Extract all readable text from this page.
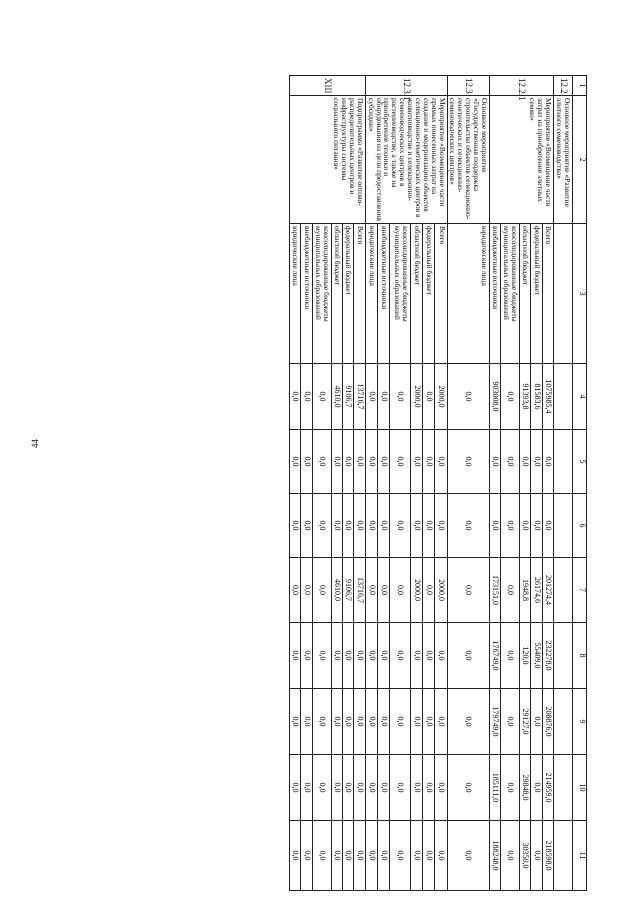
44
1	2	3	4	5	6	7	8	9	10	11
12.2	Основное мероприятие «Развитие элитного семеноводства»									
12.2.1	Мероприятие «Возмещение части затрат на приобретение элитных семян»	Всего	1075985,4	0,0	0,0	201274,4	232278,0	208876,0	214959,0	218598,0
		федеральный бюджет	81583,6	0,0	0,0	26174,6	55409,0	0,0	0,0	0,0
		областной бюджет	91393,8	0,0	0,0	1948,8	120,0	29127,0	29848,0	30350,0
		консолидированные бюджеты муниципальных образований	0,0	0,0	0,0	0,0	0,0	0,0	0,0	0,0
		внебюджетные источники	903008,0	0,0	0,0	173151,0	176749,0	179749,0	185111,0	188248,0
12.3	Основное мероприятие «Государственная поддержка строительства объектов селекционно-генетических и селекционно-семеноводческих центров»	юридические лица	0,0	0,0	0,0	0,0	0,0	0,0	0,0	0,0
12.3.1	Мероприятие «Возмещение части прямых понесенных затрат на создание и модернизацию объектов селекционно-генетических центров в животноводстве и селекционно-семеноводческих центров в растениеводстве, а также на приобретение техники и оборудования на цели предоставления субсидии»	Всего	2000,0	0,0	0,0	2000,0	0,0	0,0	0,0	0,0
		федеральный бюджет	0,0	0,0	0,0	0,0	0,0	0,0	0,0	0,0
		областной бюджет	2000,0	0,0	0,0	2000,0	0,0	0,0	0,0	0,0
		консолидированные бюджеты муниципальных образований	0,0	0,0	0,0	0,0	0,0	0,0	0,0	0,0
		внебюджетные источники	0,0	0,0	0,0	0,0	0,0	0,0	0,0	0,0
		юридические лица	0,0	0,0	0,0	0,0	0,0	0,0	0,0	0,0
XIII	Подпрограмма «Развитие оптово-распределительных центров и инфраструктуры системы социального питания»	Всего	13716,7	0,0	0,0	13716,7	0,0	0,0	0,0	0,0
		федеральный бюджет	9106,7	0,0	0,0	9106,7	0,0	0,0	0,0	0,0
		областной бюджет	4610,0	0,0	0,0	4610,0	0,0	0,0	0,0	0,0
		консолидированные бюджеты муниципальных образований	0,0	0,0	0,0	0,0	0,0	0,0	0,0	0,0
		внебюджетные источники	0,0	0,0	0,0	0,0	0,0	0,0	0,0	0,0
		юридические лица	0,0	0,0	0,0	0,0	0,0	0,0	0,0	0,0
